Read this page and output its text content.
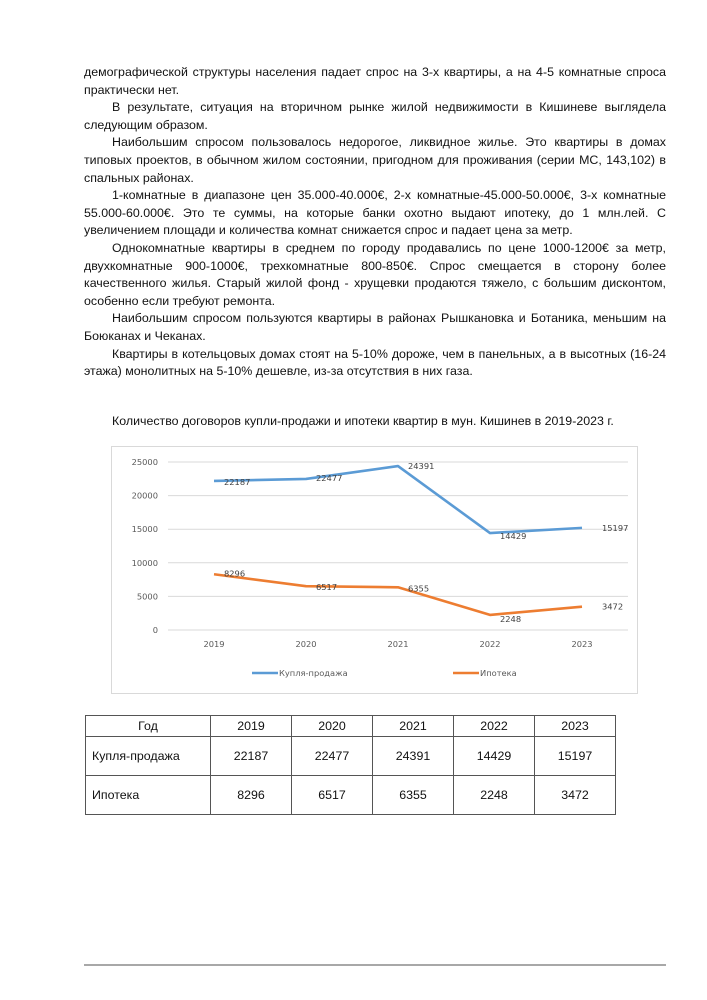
демографической структуры населения падает спрос на 3-х квартиры, а на 4-5 комнатные спроса практически нет.

В результате, ситуация на вторичном рынке жилой недвижимости в Кишиневе выглядела следующим образом.

Наибольшим спросом пользовалось недорогое, ликвидное жилье. Это квартиры в домах типовых проектов, в обычном жилом состоянии, пригодном для проживания (серии МС, 143,102) в спальных районах.

1-комнатные в диапазоне цен 35.000-40.000€, 2-х комнатные-45.000-50.000€, 3-х комнатные 55.000-60.000€. Это те суммы, на которые банки охотно выдают ипотеку, до 1 млн.лей. С увеличением площади и количества комнат снижается спрос и падает цена за метр.

Однокомнатные квартиры в среднем по городу продавались по цене 1000-1200€ за метр, двухкомнатные 900-1000€, трехкомнатные 800-850€. Спрос смещается в сторону более качественного жилья. Старый жилой фонд - хрущевки продаются тяжело, с большим дисконтом, особенно если требуют ремонта.

Наибольшим спросом пользуются квартиры в районах Рышкановка и Ботаника, меньшим на Боюканах и Чеканах.

Квартиры в котельцовых домах стоят на 5-10% дороже, чем в панельных, а в высотных (16-24 этажа) монолитных на 5-10% дешевле, из-за отсутствия в них газа.

Количество договоров купли-продажи и ипотеки квартир в мун. Кишинев в 2019-2023 г.
0
5000
10000
15000
20000
25000
2019	2020	2021	2022	2023
22187	22477
24391
14429
15197
8296
6517	6355
2248
3472
Купля-продажа	Ипотека
Год	2019	2020	2021	2022	2023
Купля-продажа	22187	22477	24391	14429	15197
Ипотека	8296	6517	6355	2248	3472
